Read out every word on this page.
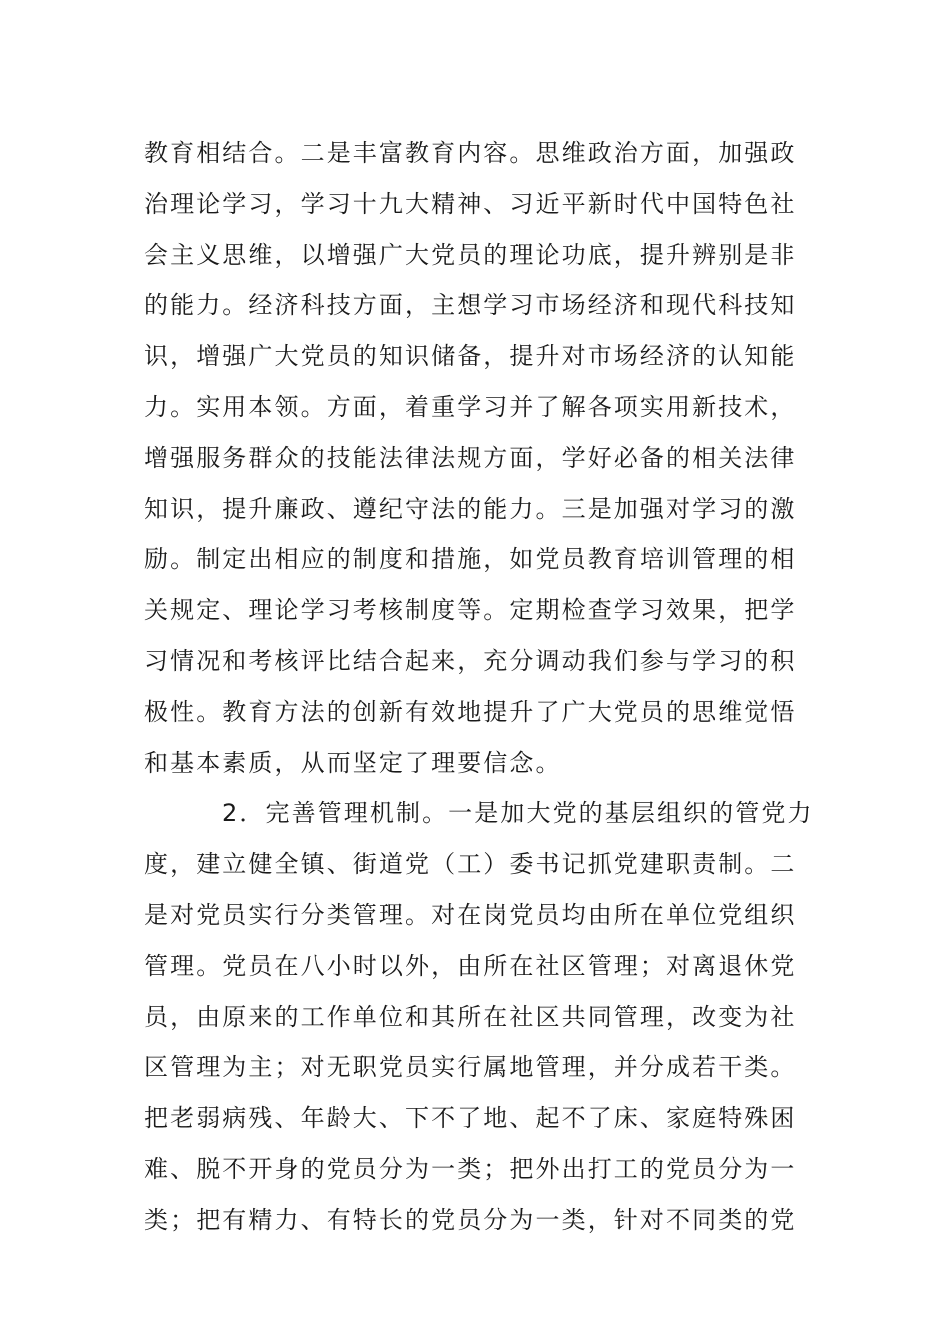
教育相结合。二是丰富教育内容。思维政治方面，加强政
治理论学习，学习十九大精神、习近平新时代中国特色社
会主义思维，以增强广大党员的理论功底，提升辨别是非
的能力。经济科技方面，主想学习市场经济和现代科技知
识，增强广大党员的知识储备，提升对市场经济的认知能
力。实用本领。方面，着重学习并了解各项实用新技术，
增强服务群众的技能法律法规方面，学好必备的相关法律
知识，提升廉政、遵纪守法的能力。三是加强对学习的激
励。制定出相应的制度和措施，如党员教育培训管理的相
关规定、理论学习考核制度等。定期检查学习效果，把学
习情况和考核评比结合起来，充分调动我们参与学习的积
极性。教育方法的创新有效地提升了广大党员的思维觉悟
和基本素质，从而坚定了理要信念。
2．完善管理机制。一是加大党的基层组织的管党力
度，建立健全镇、街道党（工）委书记抓党建职责制。二
是对党员实行分类管理。对在岗党员均由所在单位党组织
管理。党员在八小时以外，由所在社区管理；对离退休党
员，由原来的工作单位和其所在社区共同管理，改变为社
区管理为主；对无职党员实行属地管理，并分成若干类。
把老弱病残、年龄大、下不了地、起不了床、家庭特殊困
难、脱不开身的党员分为一类；把外出打工的党员分为一
类；把有精力、有特长的党员分为一类，针对不同类的党
